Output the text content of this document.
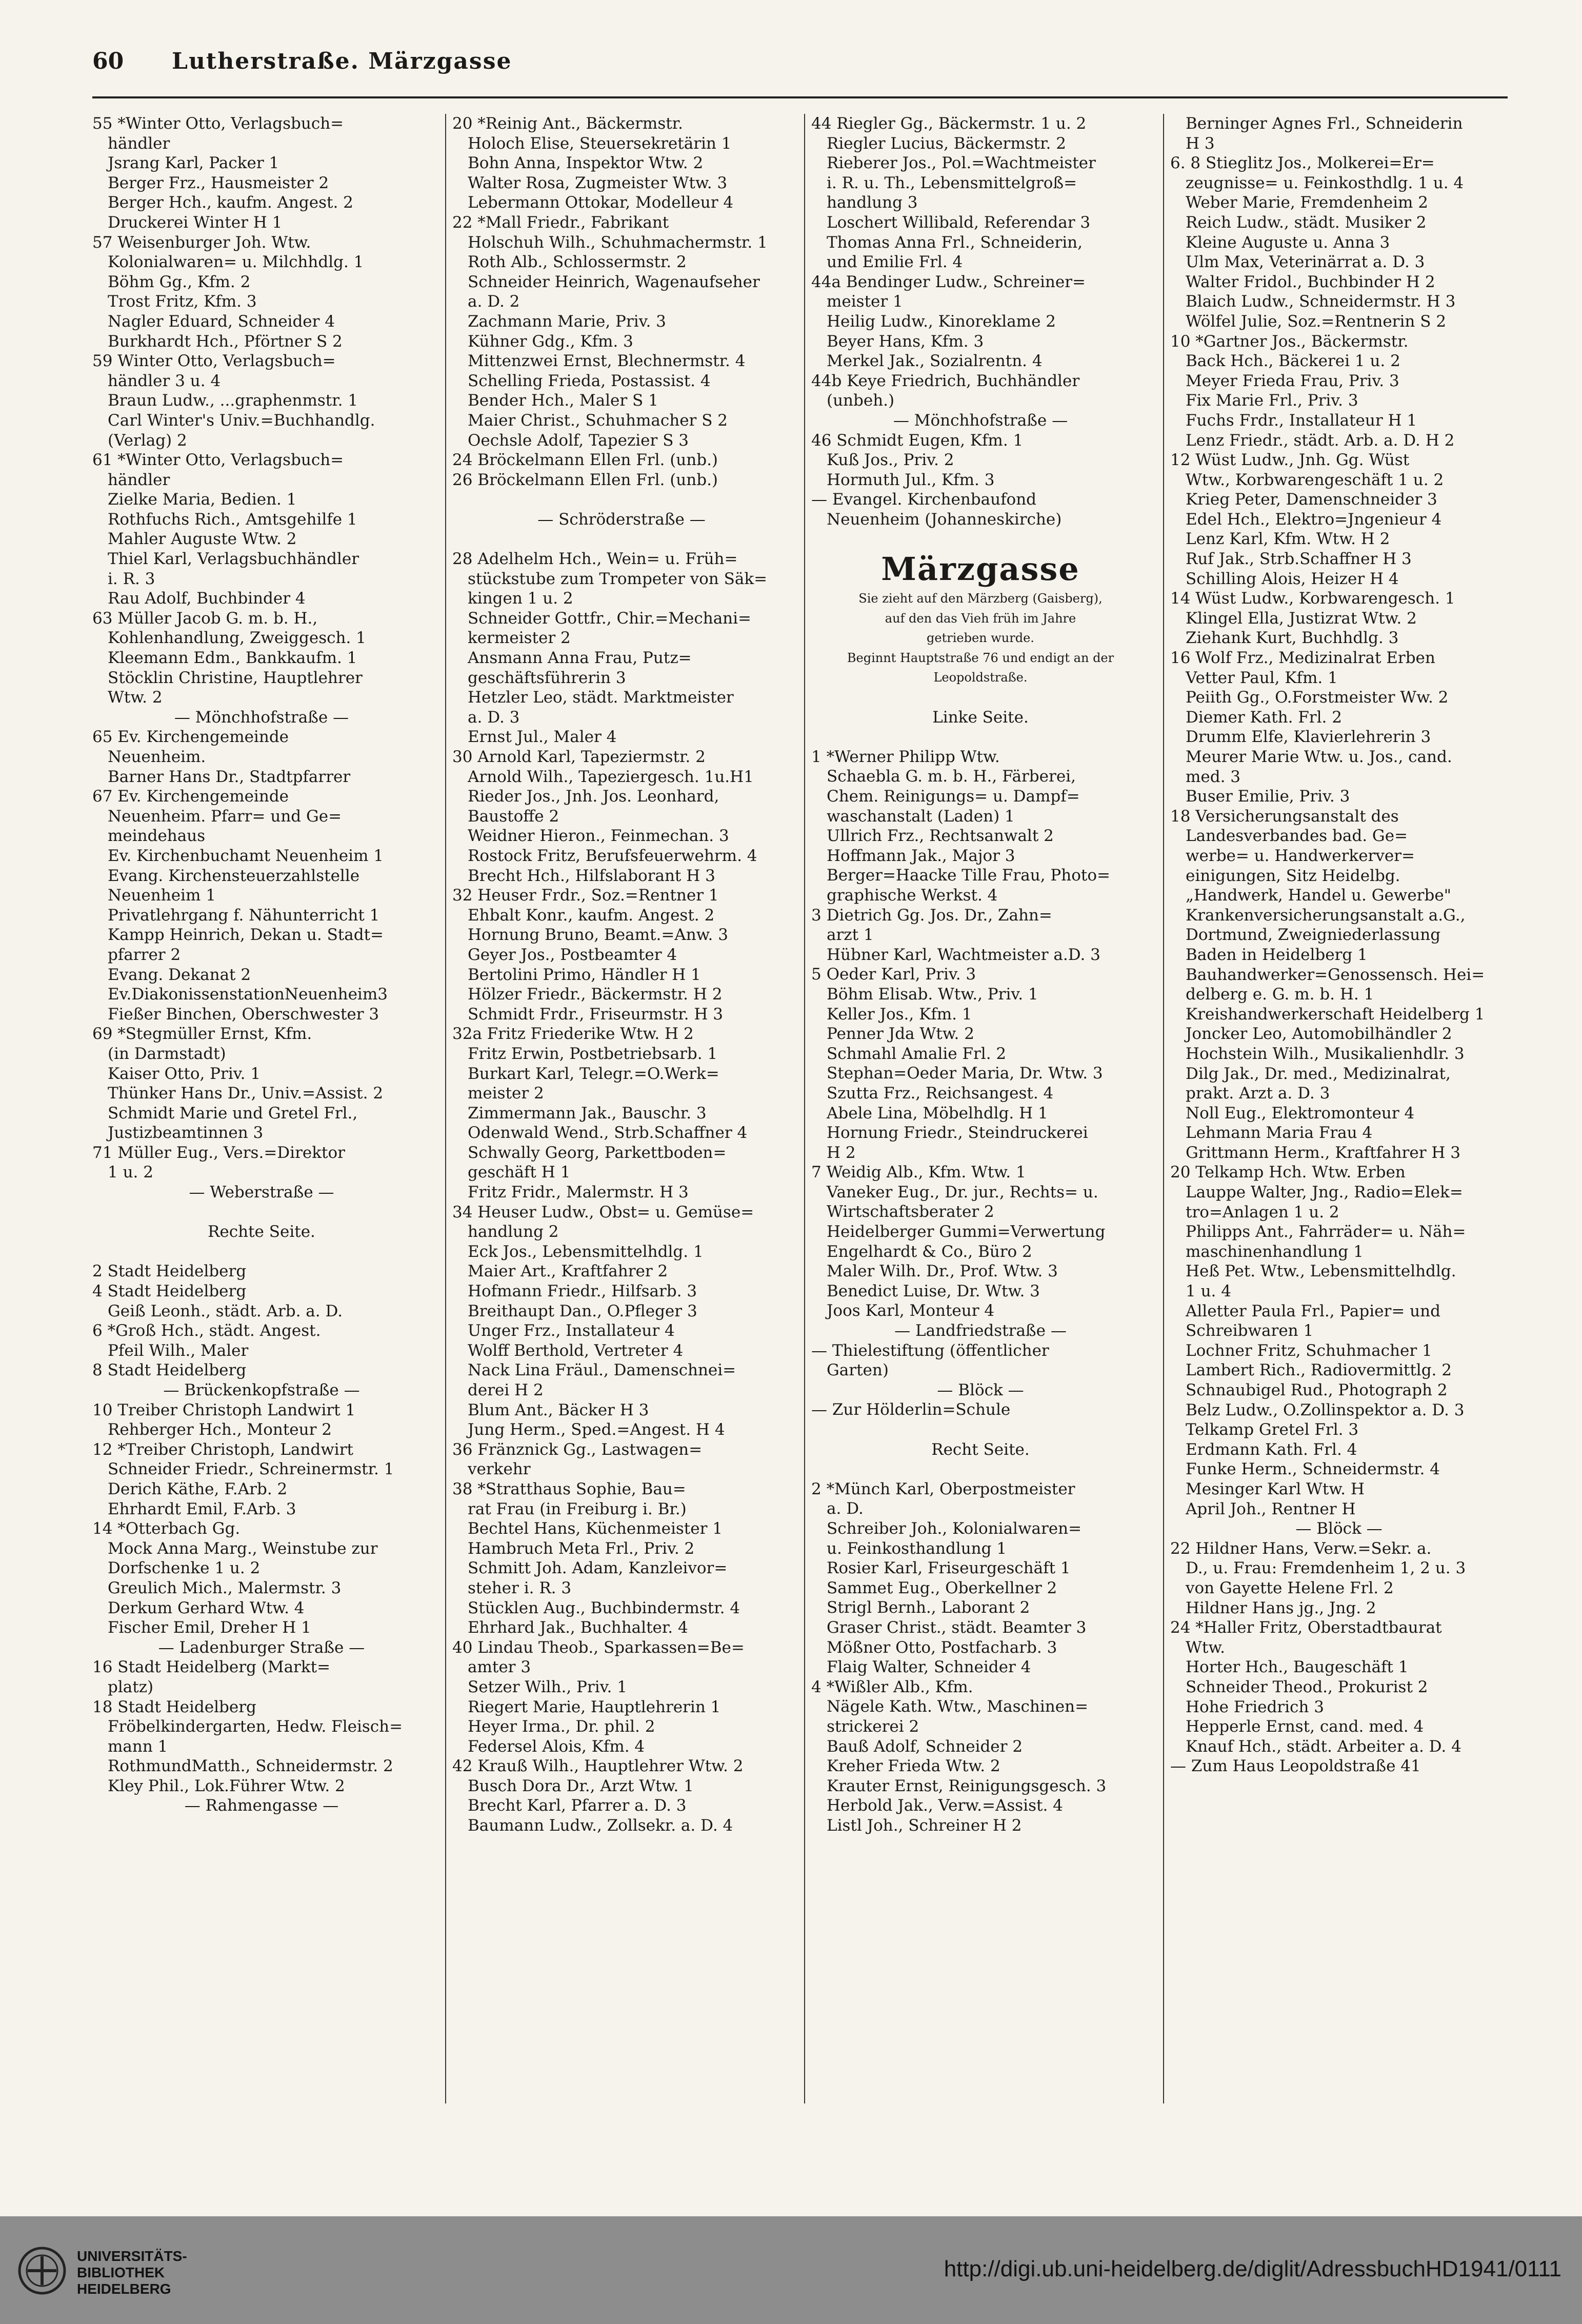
60 Lutherstraße. Märzgasse
55 *Winter Otto, Verlagsbuch=
händler
Jsrang Karl, Packer 1
Berger Frz., Hausmeister 2
Berger Hch., kaufm. Angest. 2
Druckerei Winter H 1
57 Weisenburger Joh. Wtw.
Kolonialwaren= u. Milchhdlg. 1
Böhm Gg., Kfm. 2
Trost Fritz, Kfm. 3
Nagler Eduard, Schneider 4
Burkhardt Hch., Pförtner S 2
59 Winter Otto, Verlagsbuch=
händler 3 u. 4
Braun Ludw., ...graphenmstr. 1
Carl Winter's Univ.=Buchhandlg.
(Verlag) 2
61 *Winter Otto, Verlagsbuch=
händler
Zielke Maria, Bedien. 1
Rothfuchs Rich., Amtsgehilfe 1
Mahler Auguste Wtw. 2
Thiel Karl, Verlagsbuchhändler
i. R. 3
Rau Adolf, Buchbinder 4
63 Müller Jacob G. m. b. H.,
Kohlenhandlung, Zweiggesch. 1
Kleemann Edm., Bankkaufm. 1
Stöcklin Christine, Hauptlehrer
Wtw. 2
— Mönchhofstraße —
65 Ev. Kirchengemeinde
Neuenheim.
Barner Hans Dr., Stadtpfarrer
67 Ev. Kirchengemeinde
Neuenheim. Pfarr= und Ge=
meindehaus
Ev. Kirchenbuchamt Neuenheim 1
Evang. Kirchensteuerzahlstelle
Neuenheim 1
Privatlehrgang f. Nähunterricht 1
Kampp Heinrich, Dekan u. Stadt=
pfarrer 2
Evang. Dekanat 2
Ev.DiakonissenstationNeuenheim3
Fießer Binchen, Oberschwester 3
69 *Stegmüller Ernst, Kfm.
(in Darmstadt)
Kaiser Otto, Priv. 1
Thünker Hans Dr., Univ.=Assist. 2
Schmidt Marie und Gretel Frl.,
Justizbeamtinnen 3
71 Müller Eug., Vers.=Direktor
1 u. 2
— Weberstraße —
Rechte Seite.
2 Stadt Heidelberg
4 Stadt Heidelberg
Geiß Leonh., städt. Arb. a. D.
6 *Groß Hch., städt. Angest.
Pfeil Wilh., Maler
8 Stadt Heidelberg
— Brückenkopfstraße —
10 Treiber Christoph Landwirt 1
Rehberger Hch., Monteur 2
12 *Treiber Christoph, Landwirt
Schneider Friedr., Schreinermstr. 1
Derich Käthe, F.Arb. 2
Ehrhardt Emil, F.Arb. 3
14 *Otterbach Gg.
Mock Anna Marg., Weinstube zur
Dorfschenke 1 u. 2
Greulich Mich., Malermstr. 3
Derkum Gerhard Wtw. 4
Fischer Emil, Dreher H 1
— Ladenburger Straße —
16 Stadt Heidelberg (Markt=
platz)
18 Stadt Heidelberg
Fröbelkindergarten, Hedw. Fleisch=
mann 1
RothmundMatth., Schneidermstr. 2
Kley Phil., Lok.Führer Wtw. 2
— Rahmengasse —
20 *Reinig Ant., Bäckermstr.
Holoch Elise, Steuersekretärin 1
Bohn Anna, Inspektor Wtw. 2
Walter Rosa, Zugmeister Wtw. 3
Lebermann Ottokar, Modelleur 4
22 *Mall Friedr., Fabrikant
Holschuh Wilh., Schuhmachermstr. 1
Roth Alb., Schlossermstr. 2
Schneider Heinrich, Wagenaufseher
a. D. 2
Zachmann Marie, Priv. 3
Kühner Gdg., Kfm. 3
Mittenzwei Ernst, Blechnermstr. 4
Schelling Frieda, Postassist. 4
Bender Hch., Maler S 1
Maier Christ., Schuhmacher S 2
Oechsle Adolf, Tapezier S 3
24 Bröckelmann Ellen Frl. (unb.)
26 Bröckelmann Ellen Frl. (unb.)
— Schröderstraße —
28 Adelhelm Hch., Wein= u. Früh=
stückstube zum Trompeter von Säk=
kingen 1 u. 2
Schneider Gottfr., Chir.=Mechani=
kermeister 2
Ansmann Anna Frau, Putz=
geschäftsführerin 3
Hetzler Leo, städt. Marktmeister
a. D. 3
Ernst Jul., Maler 4
30 Arnold Karl, Tapeziermstr. 2
Arnold Wilh., Tapeziergesch. 1u.H1
Rieder Jos., Jnh. Jos. Leonhard,
Baustoffe 2
Weidner Hieron., Feinmechan. 3
Rostock Fritz, Berufsfeuerwehrm. 4
Brecht Hch., Hilfslaborant H 3
32 Heuser Frdr., Soz.=Rentner 1
Ehbalt Konr., kaufm. Angest. 2
Hornung Bruno, Beamt.=Anw. 3
Geyer Jos., Postbeamter 4
Bertolini Primo, Händler H 1
Hölzer Friedr., Bäckermstr. H 2
Schmidt Frdr., Friseurmstr. H 3
32a Fritz Friederike Wtw. H 2
Fritz Erwin, Postbetriebsarb. 1
Burkart Karl, Telegr.=O.Werk=
meister 2
Zimmermann Jak., Bauschr. 3
Odenwald Wend., Strb.Schaffner 4
Schwally Georg, Parkettboden=
geschäft H 1
Fritz Fridr., Malermstr. H 3
34 Heuser Ludw., Obst= u. Gemüse=
handlung 2
Eck Jos., Lebensmittelhdlg. 1
Maier Art., Kraftfahrer 2
Hofmann Friedr., Hilfsarb. 3
Breithaupt Dan., O.Pfleger 3
Unger Frz., Installateur 4
Wolff Berthold, Vertreter 4
Nack Lina Fräul., Damenschnei=
derei H 2
Blum Ant., Bäcker H 3
Jung Herm., Sped.=Angest. H 4
36 Fränznick Gg., Lastwagen=
verkehr
38 *Stratthaus Sophie, Bau=
rat Frau (in Freiburg i. Br.)
Bechtel Hans, Küchenmeister 1
Hambruch Meta Frl., Priv. 2
Schmitt Joh. Adam, Kanzleivor=
steher i. R. 3
Stücklen Aug., Buchbindermstr. 4
Ehrhard Jak., Buchhalter. 4
40 Lindau Theob., Sparkassen=Be=
amter 3
Setzer Wilh., Priv. 1
Riegert Marie, Hauptlehrerin 1
Heyer Irma., Dr. phil. 2
Federsel Alois, Kfm. 4
42 Krauß Wilh., Hauptlehrer Wtw. 2
Busch Dora Dr., Arzt Wtw. 1
Brecht Karl, Pfarrer a. D. 3
Baumann Ludw., Zollsekr. a. D. 4
44 Riegler Gg., Bäckermstr. 1 u. 2
Riegler Lucius, Bäckermstr. 2
Rieberer Jos., Pol.=Wachtmeister
i. R. u. Th., Lebensmittelgroß=
handlung 3
Loschert Willibald, Referendar 3
Thomas Anna Frl., Schneiderin,
und Emilie Frl. 4
44a Bendinger Ludw., Schreiner=
meister 1
Heilig Ludw., Kinoreklame 2
Beyer Hans, Kfm. 3
Merkel Jak., Sozialrentn. 4
44b Keye Friedrich, Buchhändler
(unbeh.)
— Mönchhofstraße —
46 Schmidt Eugen, Kfm. 1
Kuß Jos., Priv. 2
Hormuth Jul., Kfm. 3
— Evangel. Kirchenbaufond
Neuenheim (Johanneskirche)
Märzgasse
Sie zieht auf den Märzberg (Gaisberg),
auf den das Vieh früh im Jahre
getrieben wurde.
Beginnt Hauptstraße 76 und endigt an der
Leopoldstraße.
Linke Seite.
1 *Werner Philipp Wtw.
Schaebla G. m. b. H., Färberei,
Chem. Reinigungs= u. Dampf=
waschanstalt (Laden) 1
Ullrich Frz., Rechtsanwalt 2
Hoffmann Jak., Major 3
Berger=Haacke Tille Frau, Photo=
graphische Werkst. 4
3 Dietrich Gg. Jos. Dr., Zahn=
arzt 1
Hübner Karl, Wachtmeister a.D. 3
5 Oeder Karl, Priv. 3
Böhm Elisab. Wtw., Priv. 1
Keller Jos., Kfm. 1
Penner Jda Wtw. 2
Schmahl Amalie Frl. 2
Stephan=Oeder Maria, Dr. Wtw. 3
Szutta Frz., Reichsangest. 4
Abele Lina, Möbelhdlg. H 1
Hornung Friedr., Steindruckerei
H 2
7 Weidig Alb., Kfm. Wtw. 1
Vaneker Eug., Dr. jur., Rechts= u.
Wirtschaftsberater 2
Heidelberger Gummi=Verwertung
Engelhardt & Co., Büro 2
Maler Wilh. Dr., Prof. Wtw. 3
Benedict Luise, Dr. Wtw. 3
Joos Karl, Monteur 4
— Landfriedstraße —
— Thielestiftung (öffentlicher
Garten)
— Blöck —
— Zur Hölderlin=Schule
Recht Seite.
2 *Münch Karl, Oberpostmeister
a. D.
Schreiber Joh., Kolonialwaren=
u. Feinkosthandlung 1
Rosier Karl, Friseurgeschäft 1
Sammet Eug., Oberkellner 2
Strigl Bernh., Laborant 2
Graser Christ., städt. Beamter 3
Mößner Otto, Postfacharb. 3
Flaig Walter, Schneider 4
4 *Wißler Alb., Kfm.
Nägele Kath. Wtw., Maschinen=
strickerei 2
Bauß Adolf, Schneider 2
Kreher Frieda Wtw. 2
Krauter Ernst, Reinigungsgesch. 3
Herbold Jak., Verw.=Assist. 4
Listl Joh., Schreiner H 2
Berninger Agnes Frl., Schneiderin
H 3
6. 8 Stieglitz Jos., Molkerei=Er=
zeugnisse= u. Feinkosthdlg. 1 u. 4
Weber Marie, Fremdenheim 2
Reich Ludw., städt. Musiker 2
Kleine Auguste u. Anna 3
Ulm Max, Veterinärrat a. D. 3
Walter Fridol., Buchbinder H 2
Blaich Ludw., Schneidermstr. H 3
Wölfel Julie, Soz.=Rentnerin S 2
10 *Gartner Jos., Bäckermstr.
Back Hch., Bäckerei 1 u. 2
Meyer Frieda Frau, Priv. 3
Fix Marie Frl., Priv. 3
Fuchs Frdr., Installateur H 1
Lenz Friedr., städt. Arb. a. D. H 2
12 Wüst Ludw., Jnh. Gg. Wüst
Wtw., Korbwarengeschäft 1 u. 2
Krieg Peter, Damenschneider 3
Edel Hch., Elektro=Jngenieur 4
Lenz Karl, Kfm. Wtw. H 2
Ruf Jak., Strb.Schaffner H 3
Schilling Alois, Heizer H 4
14 Wüst Ludw., Korbwarengesch. 1
Klingel Ella, Justizrat Wtw. 2
Ziehank Kurt, Buchhdlg. 3
16 Wolf Frz., Medizinalrat Erben
Vetter Paul, Kfm. 1
Peiith Gg., O.Forstmeister Ww. 2
Diemer Kath. Frl. 2
Drumm Elfe, Klavierlehrerin 3
Meurer Marie Wtw. u. Jos., cand.
med. 3
Buser Emilie, Priv. 3
18 Versicherungsanstalt des
Landesverbandes bad. Ge=
werbe= u. Handwerkerver=
einigungen, Sitz Heidelbg.
„Handwerk, Handel u. Gewerbe"
Krankenversicherungsanstalt a.G.,
Dortmund, Zweigniederlassung
Baden in Heidelberg 1
Bauhandwerker=Genossensch. Hei=
delberg e. G. m. b. H. 1
Kreishandwerkerschaft Heidelberg 1
Joncker Leo, Automobilhändler 2
Hochstein Wilh., Musikalienhdlr. 3
Dilg Jak., Dr. med., Medizinalrat,
prakt. Arzt a. D. 3
Noll Eug., Elektromonteur 4
Lehmann Maria Frau 4
Grittmann Herm., Kraftfahrer H 3
20 Telkamp Hch. Wtw. Erben
Lauppe Walter, Jng., Radio=Elek=
tro=Anlagen 1 u. 2
Philipps Ant., Fahrräder= u. Näh=
maschinenhandlung 1
Heß Pet. Wtw., Lebensmittelhdlg.
1 u. 4
Alletter Paula Frl., Papier= und
Schreibwaren 1
Lochner Fritz, Schuhmacher 1
Lambert Rich., Radiovermittlg. 2
Schnaubigel Rud., Photograph 2
Belz Ludw., O.Zollinspektor a. D. 3
Telkamp Gretel Frl. 3
Erdmann Kath. Frl. 4
Funke Herm., Schneidermstr. 4
Mesinger Karl Wtw. H
April Joh., Rentner H
— Blöck —
22 Hildner Hans, Verw.=Sekr. a.
D., u. Frau: Fremdenheim 1, 2 u. 3
von Gayette Helene Frl. 2
Hildner Hans jg., Jng. 2
24 *Haller Fritz, Oberstadtbaurat
Wtw.
Horter Hch., Baugeschäft 1
Schneider Theod., Prokurist 2
Hohe Friedrich 3
Hepperle Ernst, cand. med. 4
Knauf Hch., städt. Arbeiter a. D. 4
— Zum Haus Leopoldstraße 41
UNIVERSITÄTS-
BIBLIOTHEK
HEIDELBERG
http://digi.ub.uni-heidelberg.de/diglit/AdressbuchHD1941/0111
